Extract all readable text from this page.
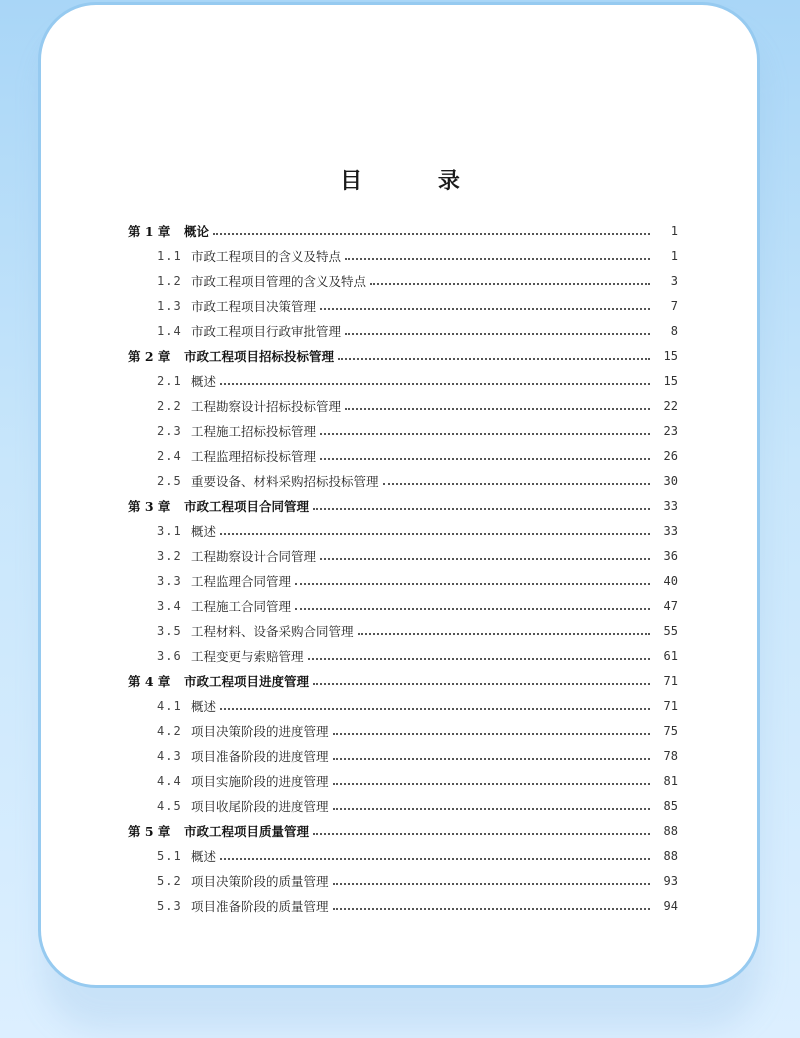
目 录
第 1 章	概论	1
1.1 市政工程项目的含义及特点	1
1.2 市政工程项目管理的含义及特点	3
1.3 市政工程项目决策管理	7
1.4 市政工程项目行政审批管理	8
第 2 章	市政工程项目招标投标管理	15
2.1 概述	15
2.2 工程勘察设计招标投标管理	22
2.3 工程施工招标投标管理	23
2.4 工程监理招标投标管理	26
2.5 重要设备、材料采购招标投标管理	30
第 3 章	市政工程项目合同管理	33
3.1 概述	33
3.2 工程勘察设计合同管理	36
3.3 工程监理合同管理	40
3.4 工程施工合同管理	47
3.5 工程材料、设备采购合同管理	55
3.6 工程变更与索赔管理	61
第 4 章	市政工程项目进度管理	71
4.1 概述	71
4.2 项目决策阶段的进度管理	75
4.3 项目准备阶段的进度管理	78
4.4 项目实施阶段的进度管理	81
4.5 项目收尾阶段的进度管理	85
第 5 章	市政工程项目质量管理	88
5.1 概述	88
5.2 项目决策阶段的质量管理	93
5.3 项目准备阶段的质量管理	94
